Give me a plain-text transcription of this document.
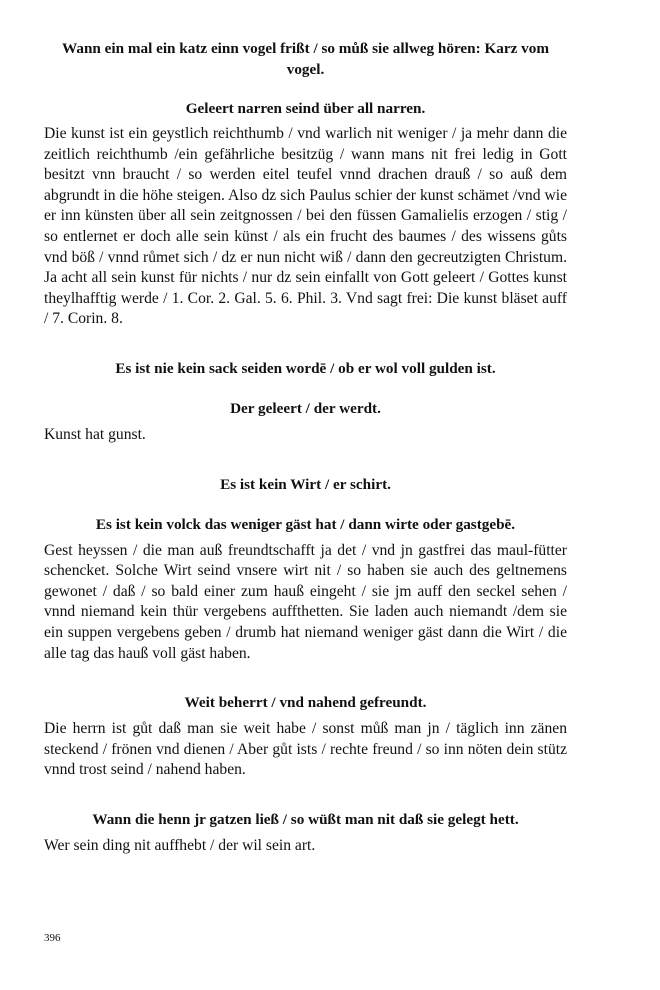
Wann ein mal ein katz einn vogel frißt / so můß sie allweg hören: Karz vom vogel.

Geleert narren seind über all narren.

Die kunst ist ein geystlich reichthumb / vnd warlich nit weniger / ja mehr dann die zeitlich reichthumb /ein gefährliche besitzüg / wann mans nit frei ledig in Gott besitzt vnn braucht / so werden eitel teufel vnnd drachen drauß / so auß dem abgrundt in die höhe steigen. Also dz sich Paulus schier der kunst schämet /vnd wie er inn künsten über all sein zeitgnossen / bei den füssen Gamalielis erzogen / stig / so entlernet er doch alle sein künst / als ein frucht des baumes / des wissens gůts vnd böß / vnnd růmet sich / dz er nun nicht wiß / dann den gecreutzigten Christum. Ja acht all sein kunst für nichts / nur dz sein einfallt von Gott geleert / Gottes kunst theylhafftig werde / 1. Cor. 2. Gal. 5. 6. Phil. 3. Vnd sagt frei: Die kunst bläset auff / 7. Corin. 8.

Es ist nie kein sack seiden wordē / ob er wol voll gulden ist.

Der geleert / der werdt.

Kunst hat gunst.

Es ist kein Wirt / er schirt.

Es ist kein volck das weniger gäst hat / dann wirte oder gastgebē.

Gest heyssen / die man auß freundtschafft ja det / vnd jn gastfrei das maul-fütter schencket. Solche Wirt seind vnsere wirt nit / so haben sie auch des geltnemens gewonet / daß / so bald einer zum hauß eingeht / sie jm auff den seckel sehen / vnnd niemand kein thür vergebens auffthetten. Sie laden auch niemandt /dem sie ein suppen vergebens geben / drumb hat niemand weniger gäst dann die Wirt / die alle tag das hauß voll gäst haben.

Weit beherrt / vnd nahend gefreundt.

Die herrn ist gůt daß man sie weit habe / sonst můß man jn / täglich inn zänen steckend / frönen vnd dienen / Aber gůt ists / rechte freund / so inn nöten dein stütz vnnd trost seind / nahend haben.

Wann die henn jr gatzen ließ / so wüßt man nit daß sie gelegt hett.

Wer sein ding nit auffhebt / der wil sein art.

396
